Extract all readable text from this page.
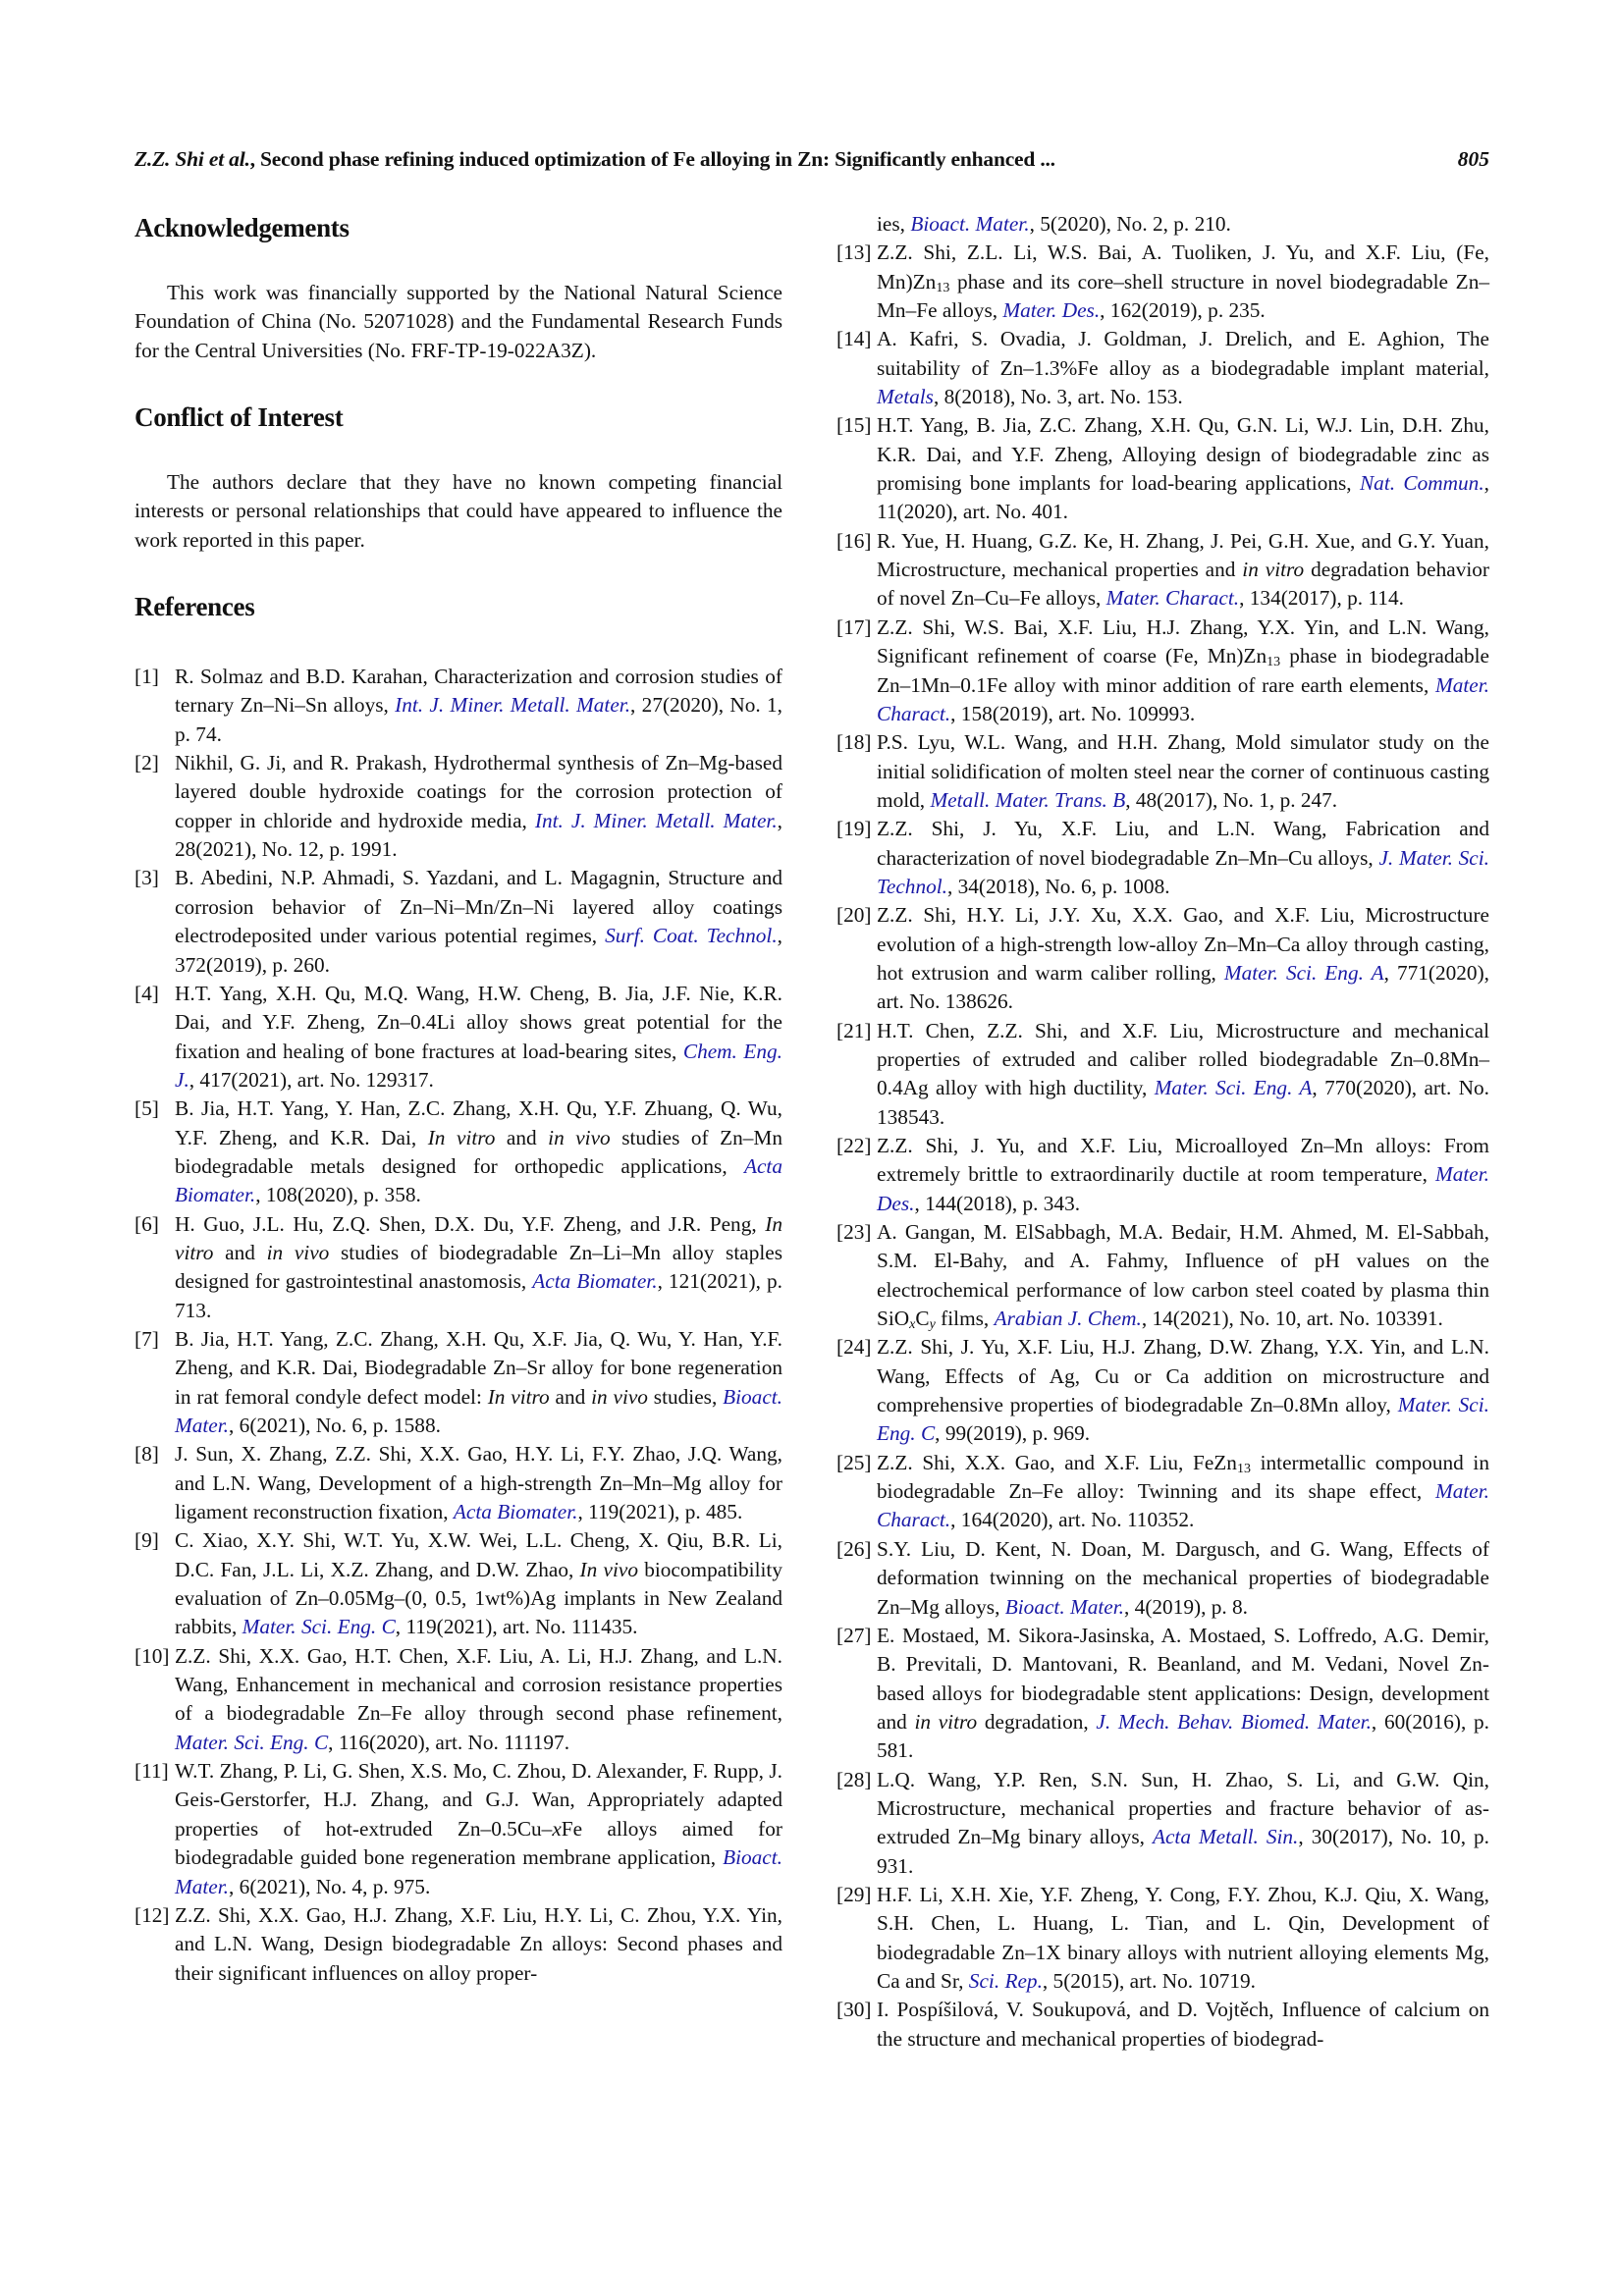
Z.Z. Shi et al., Second phase refining induced optimization of Fe alloying in Zn: Significantly enhanced ...	805
Acknowledgements

This work was financially supported by the National Natural Science Foundation of China (No. 52071028) and the Fundamental Research Funds for the Central Universities (No. FRF-TP-19-022A3Z).

Conflict of Interest

The authors declare that they have no known competing financial interests or personal relationships that could have appeared to influence the work reported in this paper.

References
[1] R. Solmaz and B.D. Karahan, Characterization and corrosion studies of ternary Zn–Ni–Sn alloys, Int. J. Miner. Metall. Mater., 27(2020), No. 1, p. 74.
[2] Nikhil, G. Ji, and R. Prakash, Hydrothermal synthesis of Zn–Mg-based layered double hydroxide coatings for the corrosion protection of copper in chloride and hydroxide media, Int. J. Miner. Metall. Mater., 28(2021), No. 12, p. 1991.
[3] B. Abedini, N.P. Ahmadi, S. Yazdani, and L. Magagnin, Structure and corrosion behavior of Zn–Ni–Mn/Zn–Ni layered alloy coatings electrodeposited under various potential regimes, Surf. Coat. Technol., 372(2019), p. 260.
[4] H.T. Yang, X.H. Qu, M.Q. Wang, H.W. Cheng, B. Jia, J.F. Nie, K.R. Dai, and Y.F. Zheng, Zn–0.4Li alloy shows great potential for the fixation and healing of bone fractures at load-bearing sites, Chem. Eng. J., 417(2021), art. No. 129317.
[5] B. Jia, H.T. Yang, Y. Han, Z.C. Zhang, X.H. Qu, Y.F. Zhuang, Q. Wu, Y.F. Zheng, and K.R. Dai, In vitro and in vivo studies of Zn–Mn biodegradable metals designed for orthopedic applications, Acta Biomater., 108(2020), p. 358.
[6] H. Guo, J.L. Hu, Z.Q. Shen, D.X. Du, Y.F. Zheng, and J.R. Peng, In vitro and in vivo studies of biodegradable Zn–Li–Mn alloy staples designed for gastrointestinal anastomosis, Acta Biomater., 121(2021), p. 713.
[7] B. Jia, H.T. Yang, Z.C. Zhang, X.H. Qu, X.F. Jia, Q. Wu, Y. Han, Y.F. Zheng, and K.R. Dai, Biodegradable Zn–Sr alloy for bone regeneration in rat femoral condyle defect model: In vitro and in vivo studies, Bioact. Mater., 6(2021), No. 6, p. 1588.
[8] J. Sun, X. Zhang, Z.Z. Shi, X.X. Gao, H.Y. Li, F.Y. Zhao, J.Q. Wang, and L.N. Wang, Development of a high-strength Zn–Mn–Mg alloy for ligament reconstruction fixation, Acta Biomater., 119(2021), p. 485.
[9] C. Xiao, X.Y. Shi, W.T. Yu, X.W. Wei, L.L. Cheng, X. Qiu, B.R. Li, D.C. Fan, J.L. Li, X.Z. Zhang, and D.W. Zhao, In vivo biocompatibility evaluation of Zn–0.05Mg–(0, 0.5, 1wt%)Ag implants in New Zealand rabbits, Mater. Sci. Eng. C, 119(2021), art. No. 111435.
[10] Z.Z. Shi, X.X. Gao, H.T. Chen, X.F. Liu, A. Li, H.J. Zhang, and L.N. Wang, Enhancement in mechanical and corrosion resistance properties of a biodegradable Zn–Fe alloy through second phase refinement, Mater. Sci. Eng. C, 116(2020), art. No. 111197.
[11] W.T. Zhang, P. Li, G. Shen, X.S. Mo, C. Zhou, D. Alexander, F. Rupp, J. Geis-Gerstorfer, H.J. Zhang, and G.J. Wan, Appropriately adapted properties of hot-extruded Zn–0.5Cu–xFe alloys aimed for biodegradable guided bone regeneration membrane application, Bioact. Mater., 6(2021), No. 4, p. 975.
[12] Z.Z. Shi, X.X. Gao, H.J. Zhang, X.F. Liu, H.Y. Li, C. Zhou, Y.X. Yin, and L.N. Wang, Design biodegradable Zn alloys: Second phases and their significant influences on alloy proper-
ies, Bioact. Mater., 5(2020), No. 2, p. 210.
[13] Z.Z. Shi, Z.L. Li, W.S. Bai, A. Tuoliken, J. Yu, and X.F. Liu, (Fe, $Mn)Zn_{13}$ phase and its core–shell structure in novel biodegradable Zn–Mn–Fe alloys, Mater. Des., 162(2019), p. 235.
[14] A. Kafri, S. Ovadia, J. Goldman, J. Drelich, and E. Aghion, The suitability of Zn–1.3%Fe alloy as a biodegradable implant material, Metals, 8(2018), No. 3, art. No. 153.
[15] H.T. Yang, B. Jia, Z.C. Zhang, X.H. Qu, G.N. Li, W.J. Lin, D.H. Zhu, K.R. Dai, and Y.F. Zheng, Alloying design of biodegradable zinc as promising bone implants for load-bearing applications, Nat. Commun., 11(2020), art. No. 401.
[16] R. Yue, H. Huang, G.Z. Ke, H. Zhang, J. Pei, G.H. Xue, and G.Y. Yuan, Microstructure, mechanical properties and in vitro degradation behavior of novel Zn–Cu–Fe alloys, Mater. Charact., 134(2017), p. 114.
[17] Z.Z. Shi, W.S. Bai, X.F. Liu, H.J. Zhang, Y.X. Yin, and L.N. Wang, Significant refinement of coarse (Fe, $Mn)Zn_{13}$ phase in biodegradable Zn–1Mn–0.1Fe alloy with minor addition of rare earth elements, Mater. Charact., 158(2019), art. No. 109993.
[18] P.S. Lyu, W.L. Wang, and H.H. Zhang, Mold simulator study on the initial solidification of molten steel near the corner of continuous casting mold, Metall. Mater. Trans. B, 48(2017), No. 1, p. 247.
[19] Z.Z. Shi, J. Yu, X.F. Liu, and L.N. Wang, Fabrication and characterization of novel biodegradable Zn–Mn–Cu alloys, J. Mater. Sci. Technol., 34(2018), No. 6, p. 1008.
[20] Z.Z. Shi, H.Y. Li, J.Y. Xu, X.X. Gao, and X.F. Liu, Microstructure evolution of a high-strength low-alloy Zn–Mn–Ca alloy through casting, hot extrusion and warm caliber rolling, Mater. Sci. Eng. A, 771(2020), art. No. 138626.
[21] H.T. Chen, Z.Z. Shi, and X.F. Liu, Microstructure and mechanical properties of extruded and caliber rolled biodegradable Zn–0.8Mn–0.4Ag alloy with high ductility, Mater. Sci. Eng. A, 770(2020), art. No. 138543.
[22] Z.Z. Shi, J. Yu, and X.F. Liu, Microalloyed Zn–Mn alloys: From extremely brittle to extraordinarily ductile at room temperature, Mater. Des., 144(2018), p. 343.
[23] A. Gangan, M. ElSabbagh, M.A. Bedair, H.M. Ahmed, M. El-Sabbah, S.M. El-Bahy, and A. Fahmy, Influence of pH values on the electrochemical performance of low carbon steel coated by plasma thin $SiO_xC_y$ films, Arabian J. Chem., 14(2021), No. 10, art. No. 103391.
[24] Z.Z. Shi, J. Yu, X.F. Liu, H.J. Zhang, D.W. Zhang, Y.X. Yin, and L.N. Wang, Effects of Ag, Cu or Ca addition on microstructure and comprehensive properties of biodegradable Zn–0.8Mn alloy, Mater. Sci. Eng. C, 99(2019), p. 969.
[25] Z.Z. Shi, X.X. Gao, and X.F. Liu, FeZn$_{13}$ intermetallic compound in biodegradable Zn–Fe alloy: Twinning and its shape effect, Mater. Charact., 164(2020), art. No. 110352.
[26] S.Y. Liu, D. Kent, N. Doan, M. Dargusch, and G. Wang, Effects of deformation twinning on the mechanical properties of biodegradable Zn–Mg alloys, Bioact. Mater., 4(2019), p. 8.
[27] E. Mostaed, M. Sikora-Jasinska, A. Mostaed, S. Loffredo, A.G. Demir, B. Previtali, D. Mantovani, R. Beanland, and M. Vedani, Novel Zn-based alloys for biodegradable stent applications: Design, development and in vitro degradation, J. Mech. Behav. Biomed. Mater., 60(2016), p. 581.
[28] L.Q. Wang, Y.P. Ren, S.N. Sun, H. Zhao, S. Li, and G.W. Qin, Microstructure, mechanical properties and fracture behavior of as-extruded Zn–Mg binary alloys, Acta Metall. Sin., 30(2017), No. 10, p. 931.
[29] H.F. Li, X.H. Xie, Y.F. Zheng, Y. Cong, F.Y. Zhou, K.J. Qiu, X. Wang, S.H. Chen, L. Huang, L. Tian, and L. Qin, Development of biodegradable Zn–1X binary alloys with nutrient alloying elements Mg, Ca and Sr, Sci. Rep., 5(2015), art. No. 10719.
[30] I. Pospíšilová, V. Soukupová, and D. Vojtěch, Influence of calcium on the structure and mechanical properties of biodegrad-
